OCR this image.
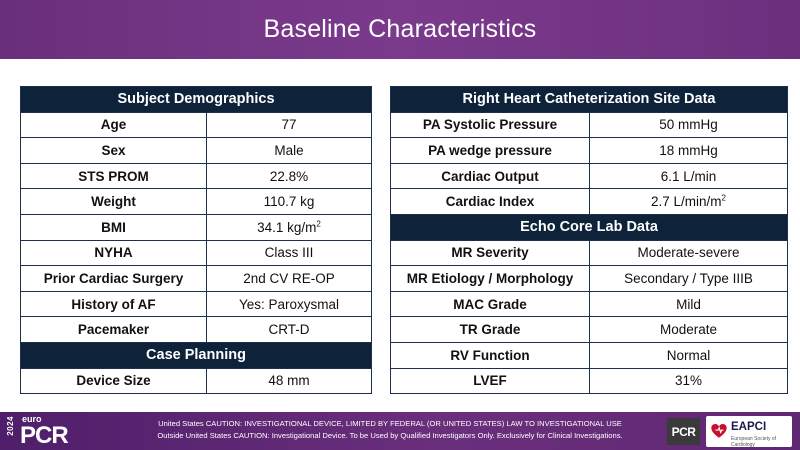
Baseline Characteristics
Subject Demographics	
Age	77
Sex	Male
STS PROM	22.8%
Weight	110.7 kg
BMI	34.1 $kg/m^2$
NYHA	Class III
Prior Cardiac Surgery	2nd CV RE-OP
History of AF	Yes: Paroxysmal
Pacemaker	CRT-D
Case Planning	
Device Size	48 mm
Right Heart Catheterization Site Data	
PA Systolic Pressure	50 mmHg
PA wedge pressure	18 mmHg
Cardiac Output	6.1 L/min
Cardiac Index	2.7 $L/\min/m^2$
Echo Core Lab Data	
MR Severity	Moderate-severe
MR Etiology / Morphology	Secondary / Type IIIB
MAC Grade	Mild
TR Grade	Moderate
RV Function	Normal
LVEF	31%
2024 euro
PCR	United States CAUTION: INVESTIGATIONAL DEVICE, LIMITED BY FEDERAL (OR UNITED STATES) LAW TO INVESTIGATIONAL USE
Outside United States CAUTION: Investigational Device. To be Used by Qualified Investigators Only. Exclusively for Clinical Investigations.	PCR	EAPCI
European Society of Cardiology
